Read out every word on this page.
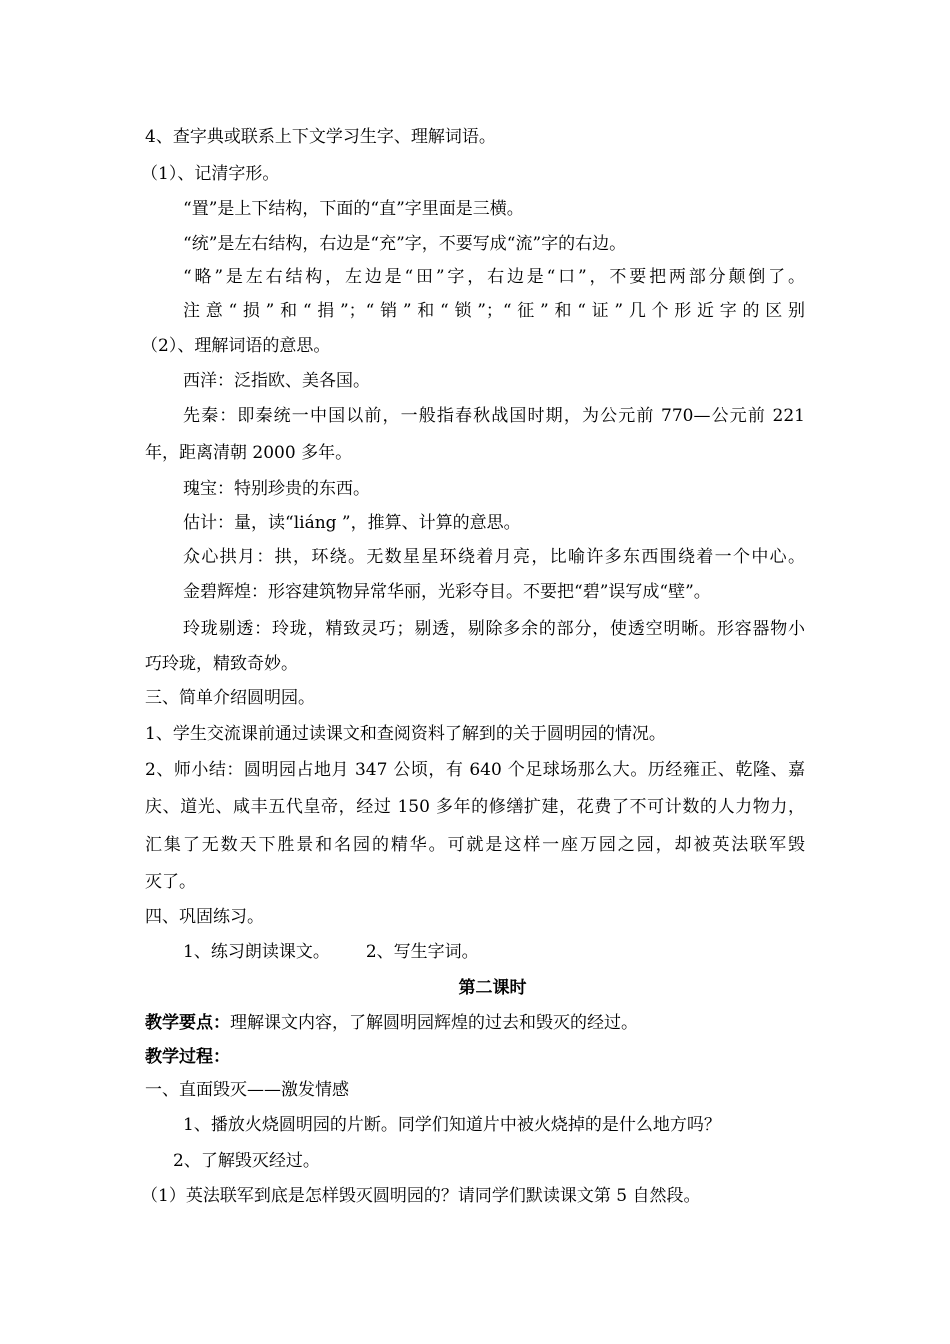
4、查字典或联系上下文学习生字、理解词语。
（1）、记清字形。
“置”是上下结构，下面的“直”字里面是三横。
“统”是左右结构，右边是“充”字，不要写成“流”字的右边。
“略”是左右结构，左边是“田”字，右边是“口”，不要把两部分颠倒了。
注意“损”和“捐”；“销”和“锁”；“征”和“证”几个形近字的区别
（2）、理解词语的意思。
西洋：泛指欧、美各国。
先秦：即秦统一中国以前，一般指春秋战国时期，为公元前 770—公元前 221
年，距离清朝 2000 多年。
瑰宝：特别珍贵的东西。
估计：量，读“liáng ”，推算、计算的意思。
众心拱月：拱，环绕。无数星星环绕着月亮，比喻许多东西围绕着一个中心。
金碧辉煌：形容建筑物异常华丽，光彩夺目。不要把“碧”误写成“壁”。
玲珑剔透：玲珑，精致灵巧；剔透，剔除多余的部分，使透空明晰。形容器物小
巧玲珑，精致奇妙。
三、简单介绍圆明园。
1、学生交流课前通过读课文和查阅资料了解到的关于圆明园的情况。
2、师小结：圆明园占地月 347 公顷，有 640 个足球场那么大。历经雍正、乾隆、嘉
庆、道光、咸丰五代皇帝，经过 150 多年的修缮扩建，花费了不可计数的人力物力，
汇集了无数天下胜景和名园的精华。可就是这样一座万园之园，却被英法联军毁
灭了。
四、巩固练习。
1、练习朗读课文。 2、写生字词。
第二课时
教学要点：理解课文内容，了解圆明园辉煌的过去和毁灭的经过。
教学过程：
一、直面毁灭——激发情感
1、播放火烧圆明园的片断。同学们知道片中被火烧掉的是什么地方吗？
2、了解毁灭经过。
（1）英法联军到底是怎样毁灭圆明园的？请同学们默读课文第 5 自然段。
